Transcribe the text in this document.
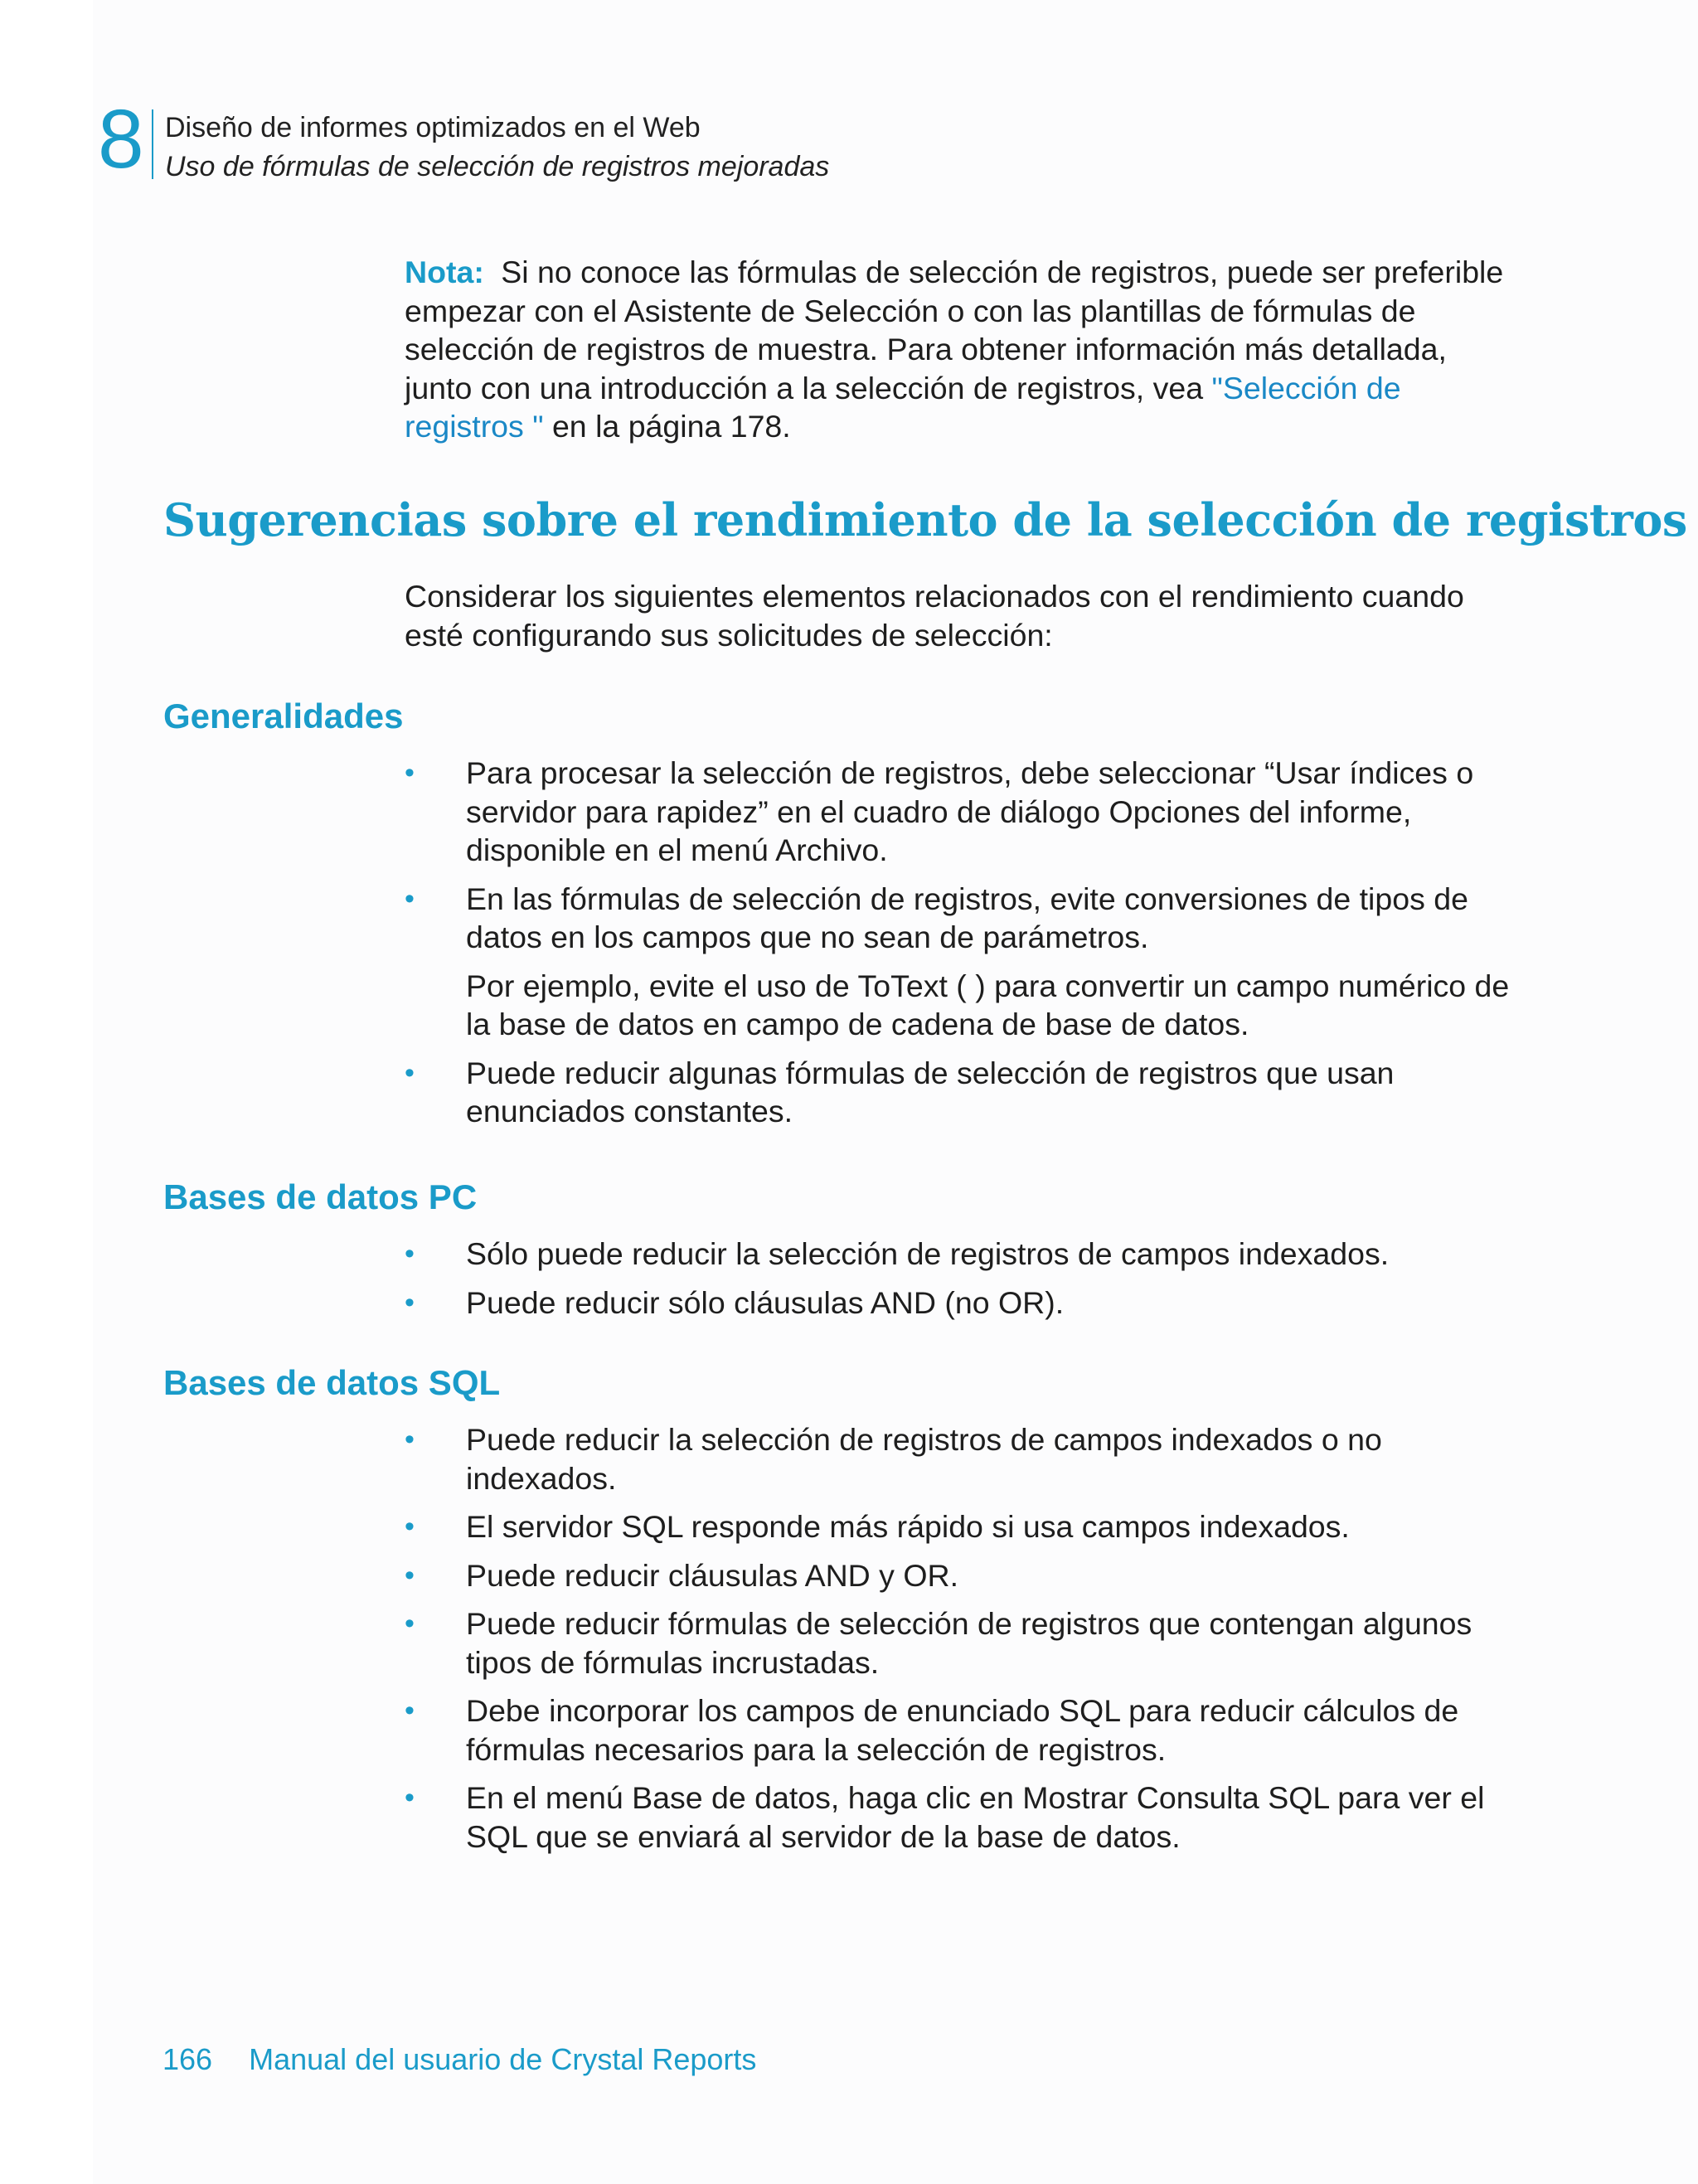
8 Diseño de informes optimizados en el Web
Uso de fórmulas de selección de registros mejoradas
Nota: Si no conoce las fórmulas de selección de registros, puede ser preferible empezar con el Asistente de Selección o con las plantillas de fórmulas de selección de registros de muestra. Para obtener información más detallada, junto con una introducción a la selección de registros, vea "Selección de registros " en la página 178.
Sugerencias sobre el rendimiento de la selección de registros
Considerar los siguientes elementos relacionados con el rendimiento cuando esté configurando sus solicitudes de selección:
Generalidades
•	Para procesar la selección de registros, debe seleccionar “Usar índices o servidor para rapidez” en el cuadro de diálogo Opciones del informe, disponible en el menú Archivo.
•	En las fórmulas de selección de registros, evite conversiones de tipos de datos en los campos que no sean de parámetros.
Por ejemplo, evite el uso de ToText ( ) para convertir un campo numérico de la base de datos en campo de cadena de base de datos.
•	Puede reducir algunas fórmulas de selección de registros que usan enunciados constantes.
Bases de datos PC
•	Sólo puede reducir la selección de registros de campos indexados.
•	Puede reducir sólo cláusulas AND (no OR).
Bases de datos SQL
•	Puede reducir la selección de registros de campos indexados o no indexados.
•	El servidor SQL responde más rápido si usa campos indexados.
•	Puede reducir cláusulas AND y OR.
•	Puede reducir fórmulas de selección de registros que contengan algunos tipos de fórmulas incrustadas.
•	Debe incorporar los campos de enunciado SQL para reducir cálculos de fórmulas necesarios para la selección de registros.
•	En el menú Base de datos, haga clic en Mostrar Consulta SQL para ver el SQL que se enviará al servidor de la base de datos.
166 Manual del usuario de Crystal Reports
